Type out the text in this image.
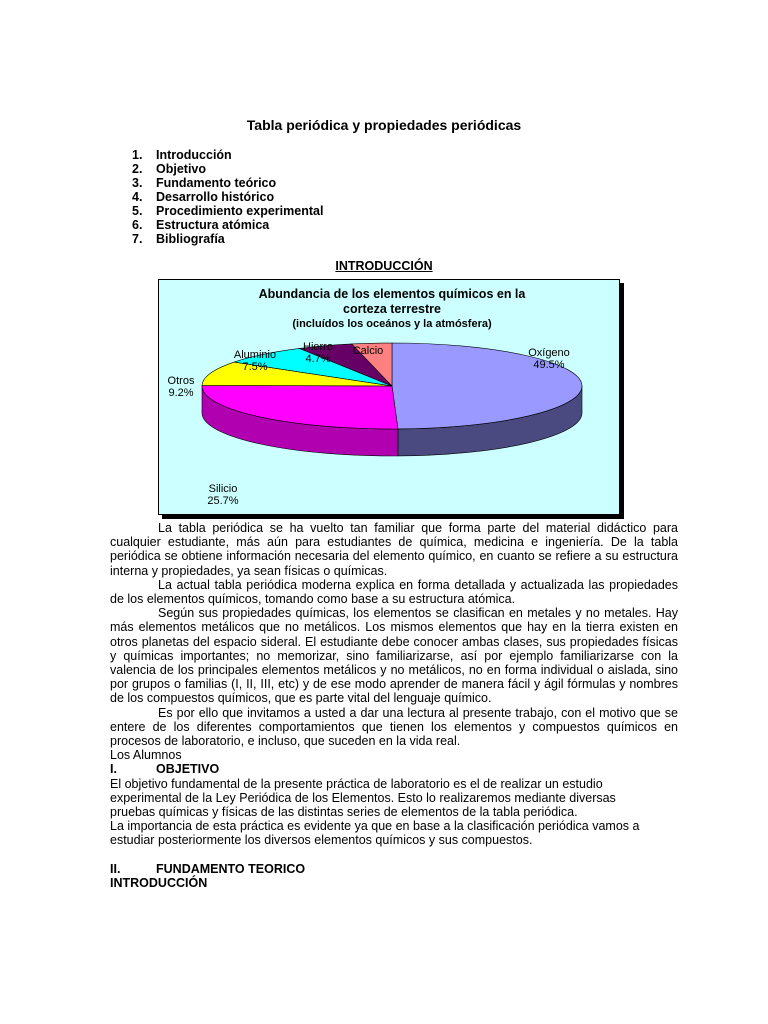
Tabla periódica y propiedades periódicas
1. Introducción
2. Objetivo
3. Fundamento teórico
4. Desarrollo histórico
5. Procedimiento experimental
6. Estructura atómica
7. Bibliografía
INTRODUCCIÓN
Abundancia de los elementos químicos en la
corteza terrestre
(incluídos los oceános y la atmósfera)
Oxígeno
49.5%
Silicio
25.7%
Otros
9.2%
Aluminio
7.5%
Hierro
4.7%
Calcio

La tabla periódica se ha vuelto tan familiar que forma parte del material didáctico para cualquier estudiante, más aún para estudiantes de química, medicina e ingeniería. De la tabla periódica se obtiene información necesaria del elemento químico, en cuanto se refiere a su estructura interna y propiedades, ya sean físicas o químicas.

La actual tabla periódica moderna explica en forma detallada y actualizada las propiedades de los elementos químicos, tomando como base a su estructura atómica.

Según sus propiedades químicas, los elementos se clasifican en metales y no metales. Hay más elementos metálicos que no metálicos. Los mismos elementos que hay en la tierra existen en otros planetas del espacio sideral. El estudiante debe conocer ambas clases, sus propiedades físicas y químicas importantes; no memorizar, sino familiarizarse, así por ejemplo familiarizarse con la valencia de los principales elementos metálicos y no metálicos, no en forma individual o aislada, sino por grupos o familias (I, II, III, etc) y de ese modo aprender de manera fácil y ágil fórmulas y nombres de los compuestos químicos, que es parte vital del lenguaje químico.

Es por ello que invitamos a usted a dar una lectura al presente trabajo, con el motivo que se entere de los diferentes comportamientos que tienen los elementos y compuestos químicos en procesos de laboratorio, e incluso, que suceden en la vida real.

Los Alumnos

I.	OBJETIVO

El objetivo fundamental de la presente práctica de laboratorio es el de realizar un estudio

experimental de la Ley Periódica de los Elementos. Esto lo realizaremos mediante diversas

pruebas químicas y físicas de las distintas series de elementos de la tabla periódica.

La importancia de esta práctica es evidente ya que en base a la clasificación periódica vamos a

estudiar posteriormente los diversos elementos químicos y sus compuestos.

II.	FUNDAMENTO TEORICO

INTRODUCCIÓN
